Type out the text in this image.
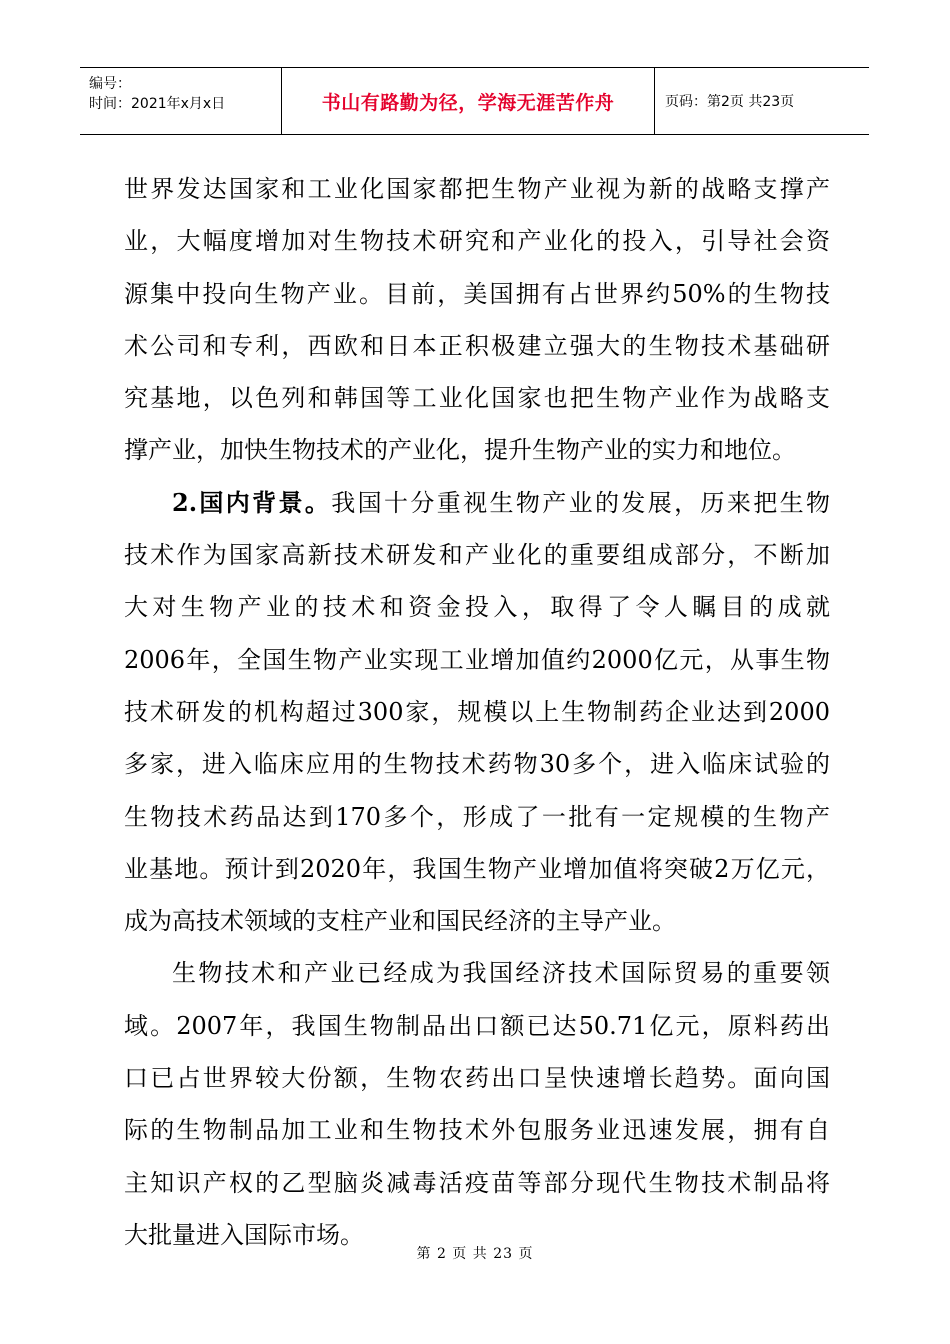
编号：
时间：2021年x月x日	书山有路勤为径，学海无涯苦作舟	页码：第2页 共23页
世界发达国家和工业化国家都把生物产业视为新的战略支撑产
业，大幅度增加对生物技术研究和产业化的投入，引导社会资
源集中投向生物产业。目前，美国拥有占世界约50%的生物技
术公司和专利，西欧和日本正积极建立强大的生物技术基础研
究基地，以色列和韩国等工业化国家也把生物产业作为战略支
撑产业，加快生物技术的产业化，提升生物产业的实力和地位。
2.国内背景。我国十分重视生物产业的发展，历来把生物
技术作为国家高新技术研发和产业化的重要组成部分，不断加
大对生物产业的技术和资金投入，取得了令人瞩目的成就
2006年，全国生物产业实现工业增加值约2000亿元，从事生物
技术研发的机构超过300家，规模以上生物制药企业达到2000
多家，进入临床应用的生物技术药物30多个，进入临床试验的
生物技术药品达到170多个，形成了一批有一定规模的生物产
业基地。预计到2020年，我国生物产业增加值将突破2万亿元，
成为高技术领域的支柱产业和国民经济的主导产业。
生物技术和产业已经成为我国经济技术国际贸易的重要领
域。2007年，我国生物制品出口额已达50.71亿元，原料药出
口已占世界较大份额，生物农药出口呈快速增长趋势。面向国
际的生物制品加工业和生物技术外包服务业迅速发展，拥有自
主知识产权的乙型脑炎减毒活疫苗等部分现代生物技术制品将
大批量进入国际市场。
第 2 页 共 23 页
